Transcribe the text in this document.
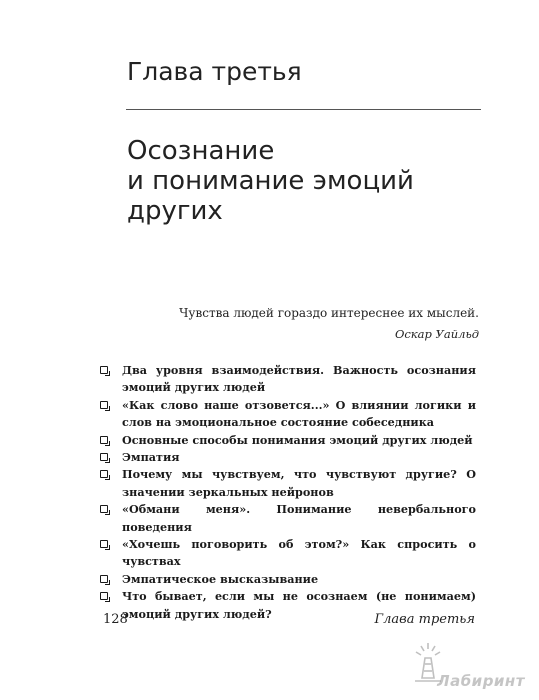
Глава третья
Осознание
и понимание эмоций
других
Чувства людей гораздо интереснее их мыслей.
Оскар Уайльд
Два уровня взаимодействия. Важность осознания эмоций других людей
«Как слово наше отзовется...» О влиянии логики и слов на эмоциональное состояние собеседника
Основные способы понимания эмоций других людей
Эмпатия
Почему мы чувствуем, что чувствуют другие? О значении зеркальных нейронов
«Обмани меня». Понимание невербального поведения
«Хочешь поговорить об этом?» Как спросить о чувствах
Эмпатическое высказывание
Что бывает, если мы не осознаем (не понимаем) эмоций других людей?
128	Глава третья
Лабиринт
